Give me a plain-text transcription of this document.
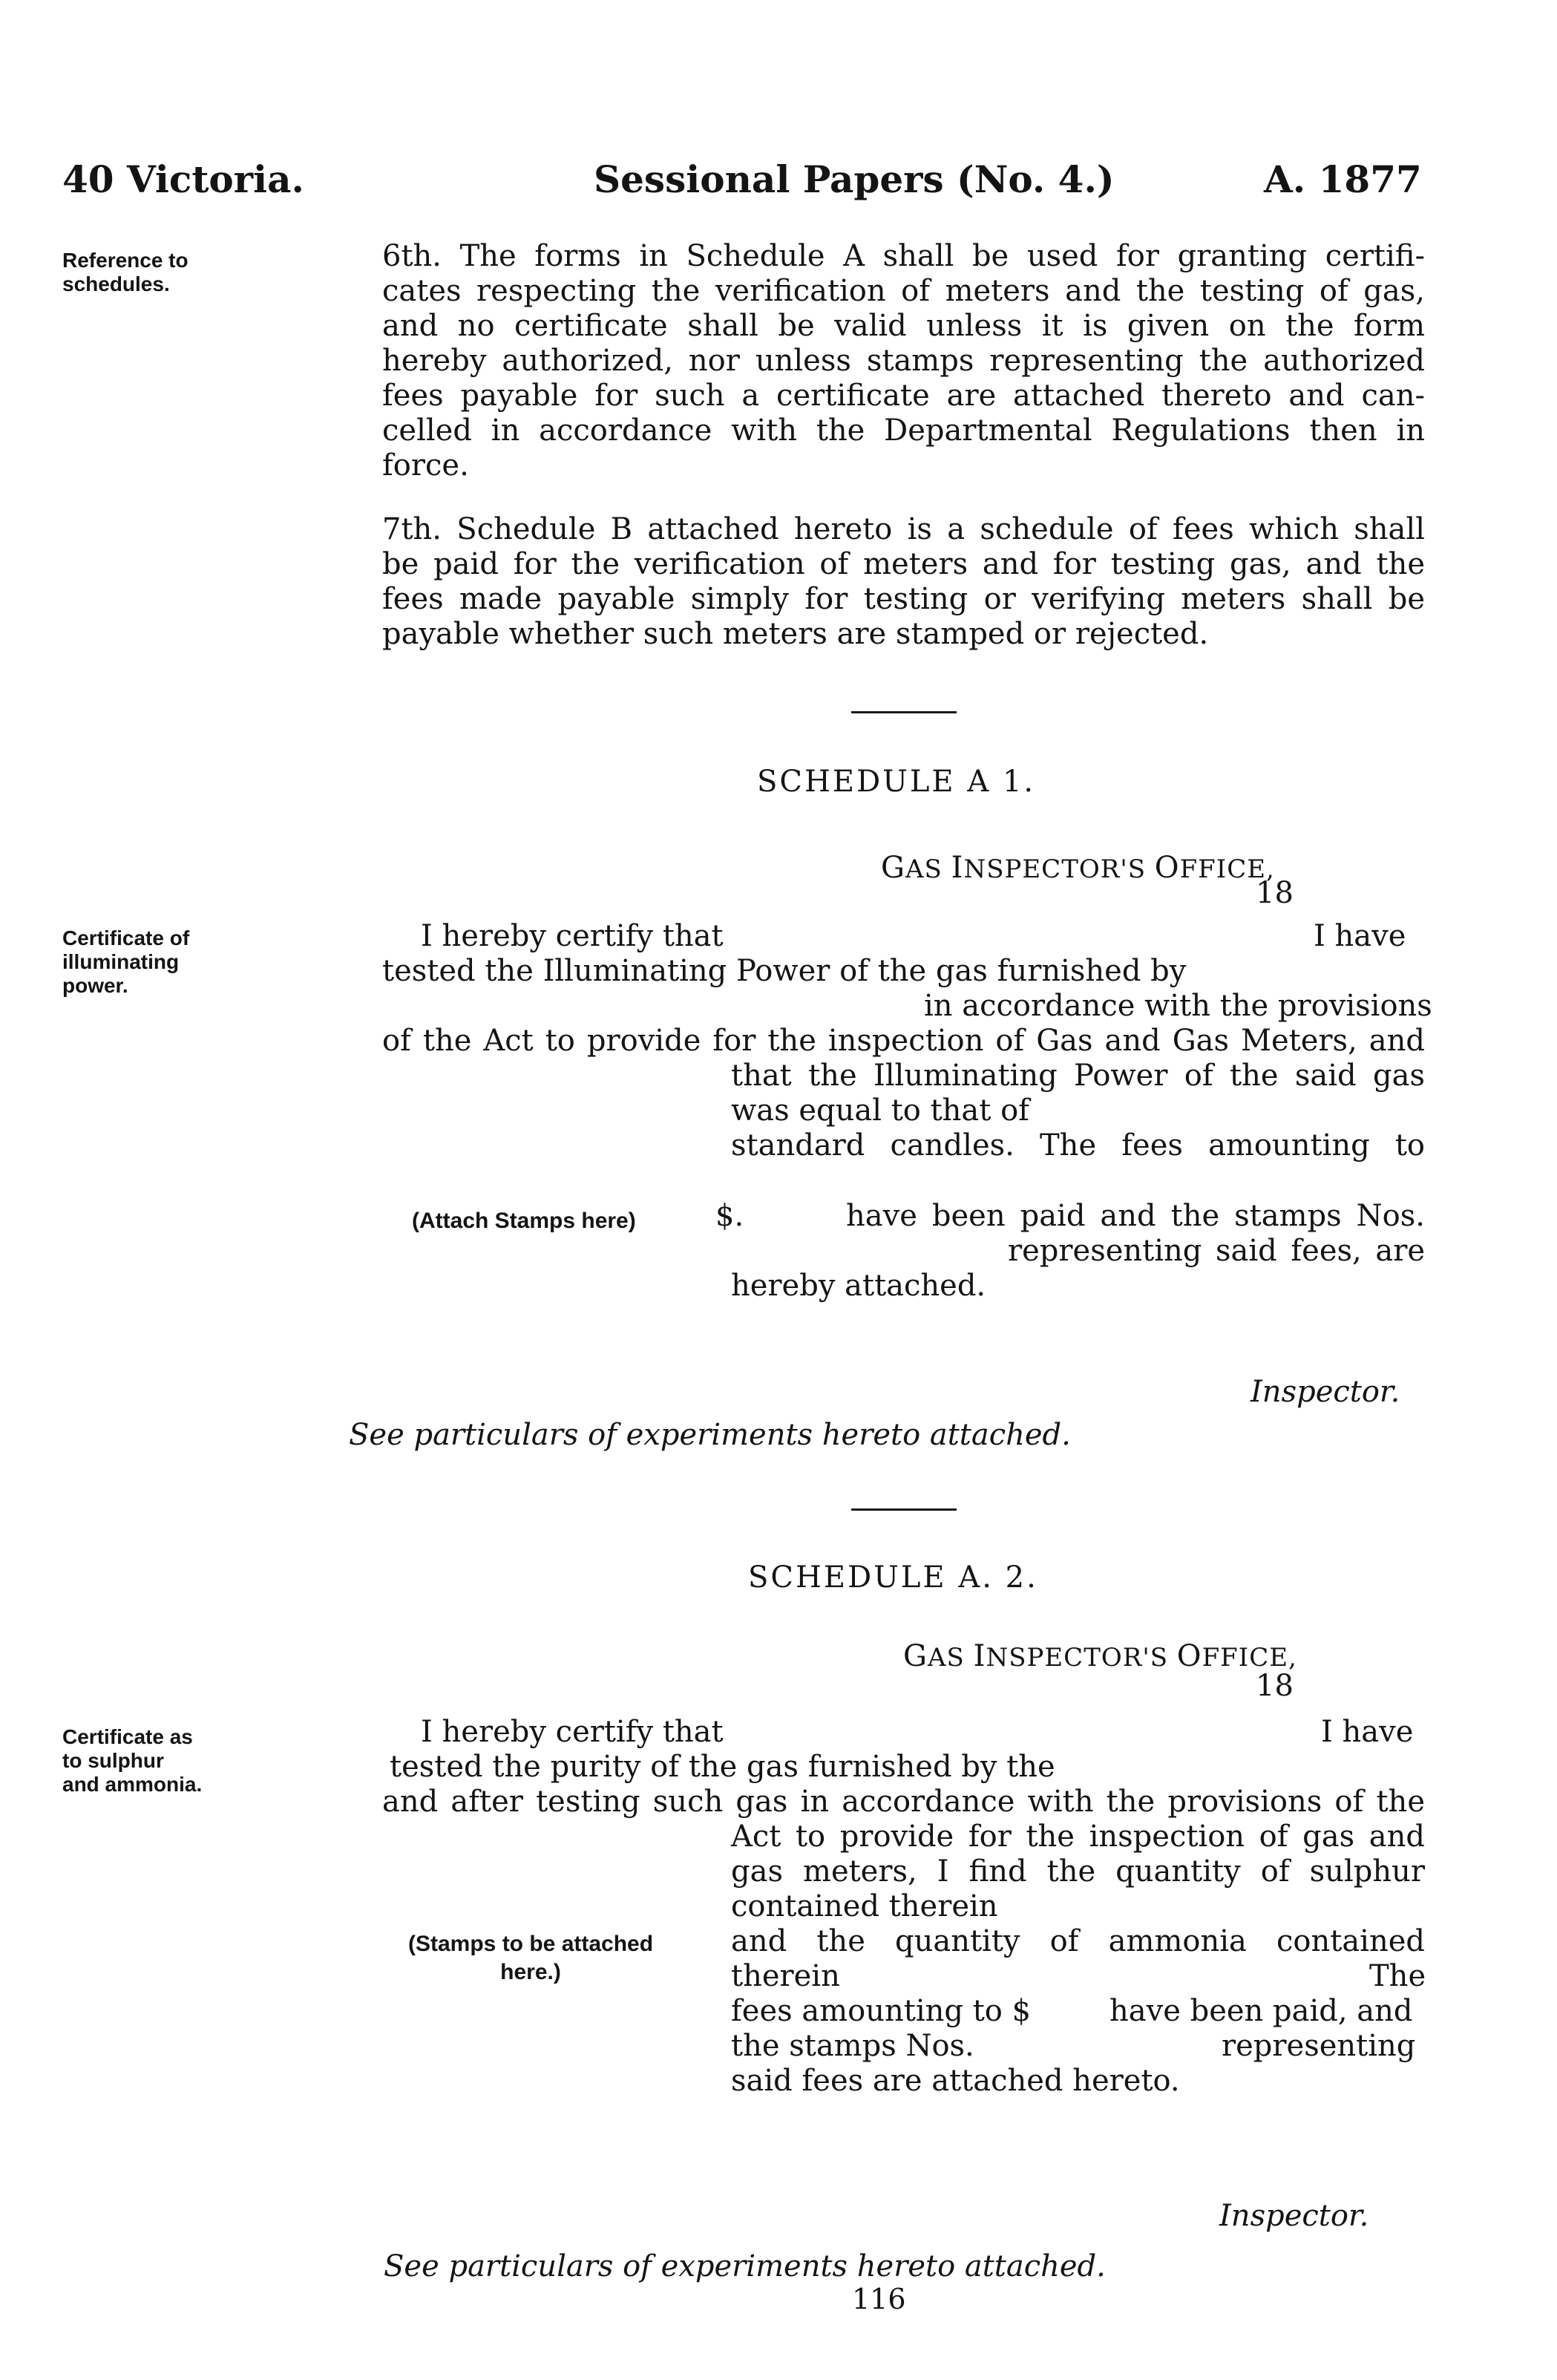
40 Victoria.	Sessional Papers (No. 4.)	A. 1877
Reference to
schedules.
6th. The forms in Schedule A shall be used for granting certifi-
cates respecting the verification of meters and the testing of gas,
and no certificate shall be valid unless it is given on the form
hereby authorized, nor unless stamps representing the authorized
fees payable for such a certificate are attached thereto and can-
celled in accordance with the Departmental Regulations then in
force.
7th. Schedule B attached hereto is a schedule of fees which shall
be paid for the verification of meters and for testing gas, and the
fees made payable simply for testing or verifying meters shall be
payable whether such meters are stamped or rejected.
SCHEDULE A 1.
GAS INSPECTOR'S OFFICE,
18
Certificate of
illuminating
power.
I hereby certify that	I have
tested the Illuminating Power of the gas furnished by
in accordance with the provisions
of the Act to provide for the inspection of Gas and Gas Meters, and
that the Illuminating Power of the said gas
was equal to that of
standard candles. The fees amounting to
(Attach Stamps here)	$.	have been paid and the stamps Nos.
representing said fees, are
hereby attached.
Inspector.
See particulars of experiments hereto attached.
SCHEDULE A. 2.
GAS INSPECTOR'S OFFICE,
18
Certificate as
to sulphur
and ammonia.
I hereby certify that	I have
tested the purity of the gas furnished by the
and after testing such gas in accordance with the provisions of the
Act to provide for the inspection of gas and
gas meters, I find the quantity of sulphur
contained therein
and the quantity of ammonia contained
(Stamps to be attached
here.)	therein	The
fees amounting to $	have been paid, and
the stamps Nos.	representing
said fees are attached hereto.
Inspector.
See particulars of experiments hereto attached.
116
